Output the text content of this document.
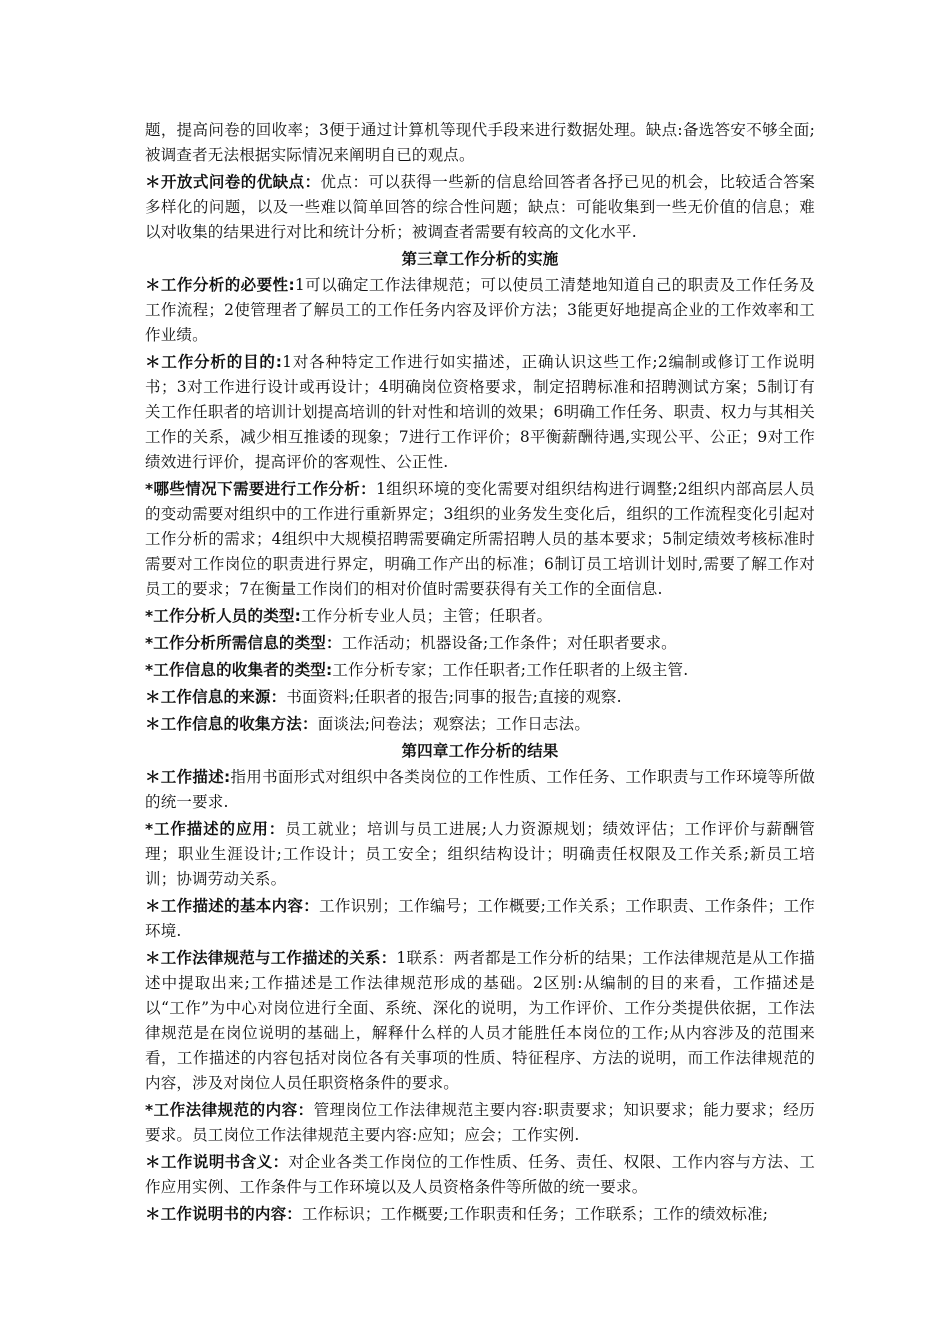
题，提高问卷的回收率；3便于通过计算机等现代手段来进行数据处理。缺点:备选答安不够全面;被调查者无法根据实际情况来阐明自已的观点。

＊开放式问卷的优缺点：优点：可以获得一些新的信息给回答者各抒已见的机会，比较适合答案多样化的问题，以及一些难以简单回答的综合性问题；缺点：可能收集到一些无价值的信息；难以对收集的结果进行对比和统计分析；被调查者需要有较高的文化水平.

第三章工作分析的实施

＊工作分析的必要性:1可以确定工作法律规范；可以使员工清楚地知道自己的职责及工作任务及工作流程；2使管理者了解员工的工作任务内容及评价方法；3能更好地提高企业的工作效率和工作业绩。

＊工作分析的目的:1对各种特定工作进行如实描述，正确认识这些工作;2编制或修订工作说明书；3对工作进行设计或再设计；4明确岗位资格要求，制定招聘标准和招聘测试方案；5制订有关工作任职者的培训计划提高培训的针对性和培训的效果；6明确工作任务、职责、权力与其相关工作的关系，减少相互推诿的现象；7进行工作评价；8平衡薪酬待遇,实现公平、公正；9对工作绩效进行评价，提高评价的客观性、公正性.

*哪些情况下需要进行工作分析：1组织环境的变化需要对组织结构进行调整;2组织内部高层人员的变动需要对组织中的工作进行重新界定；3组织的业务发生变化后，组织的工作流程变化引起对工作分析的需求；4组织中大规模招聘需要确定所需招聘人员的基本要求；5制定绩效考核标准时需要对工作岗位的职责进行界定，明确工作产出的标准；6制订员工培训计划时,需要了解工作对员工的要求；7在衡量工作岗们的相对价值时需要获得有关工作的全面信息.

*工作分析人员的类型:工作分析专业人员；主管；任职者。

*工作分析所需信息的类型：工作活动；机器设备;工作条件；对任职者要求。

*工作信息的收集者的类型:工作分析专家；工作任职者;工作任职者的上级主管.

＊工作信息的来源：书面资料;任职者的报告;同事的报告;直接的观察.

＊工作信息的收集方法：面谈法;问卷法；观察法；工作日志法。

第四章工作分析的结果

＊工作描述:指用书面形式对组织中各类岗位的工作性质、工作任务、工作职责与工作环境等所做的统一要求.

*工作描述的应用：员工就业；培训与员工进展;人力资源规划；绩效评估；工作评价与薪酬管理；职业生涯设计;工作设计；员工安全；组织结构设计；明确责任权限及工作关系;新员工培训；协调劳动关系。

＊工作描述的基本内容：工作识别；工作编号；工作概要;工作关系；工作职责、工作条件；工作环境.

＊工作法律规范与工作描述的关系：1联系：两者都是工作分析的结果；工作法律规范是从工作描述中提取出来;工作描述是工作法律规范形成的基础。2区别:从编制的目的来看，工作描述是以“工作”为中心对岗位进行全面、系统、深化的说明，为工作评价、工作分类提供依据，工作法律规范是在岗位说明的基础上，解释什么样的人员才能胜任本岗位的工作;从内容涉及的范围来看，工作描述的内容包括对岗位各有关事项的性质、特征程序、方法的说明，而工作法律规范的内容，涉及对岗位人员任职资格条件的要求。

*工作法律规范的内容：管理岗位工作法律规范主要内容:职责要求；知识要求；能力要求；经历要求。员工岗位工作法律规范主要内容:应知；应会；工作实例.

＊工作说明书含义：对企业各类工作岗位的工作性质、任务、责任、权限、工作内容与方法、工作应用实例、工作条件与工作环境以及人员资格条件等所做的统一要求。

＊工作说明书的内容：工作标识；工作概要;工作职责和任务；工作联系；工作的绩效标准;
